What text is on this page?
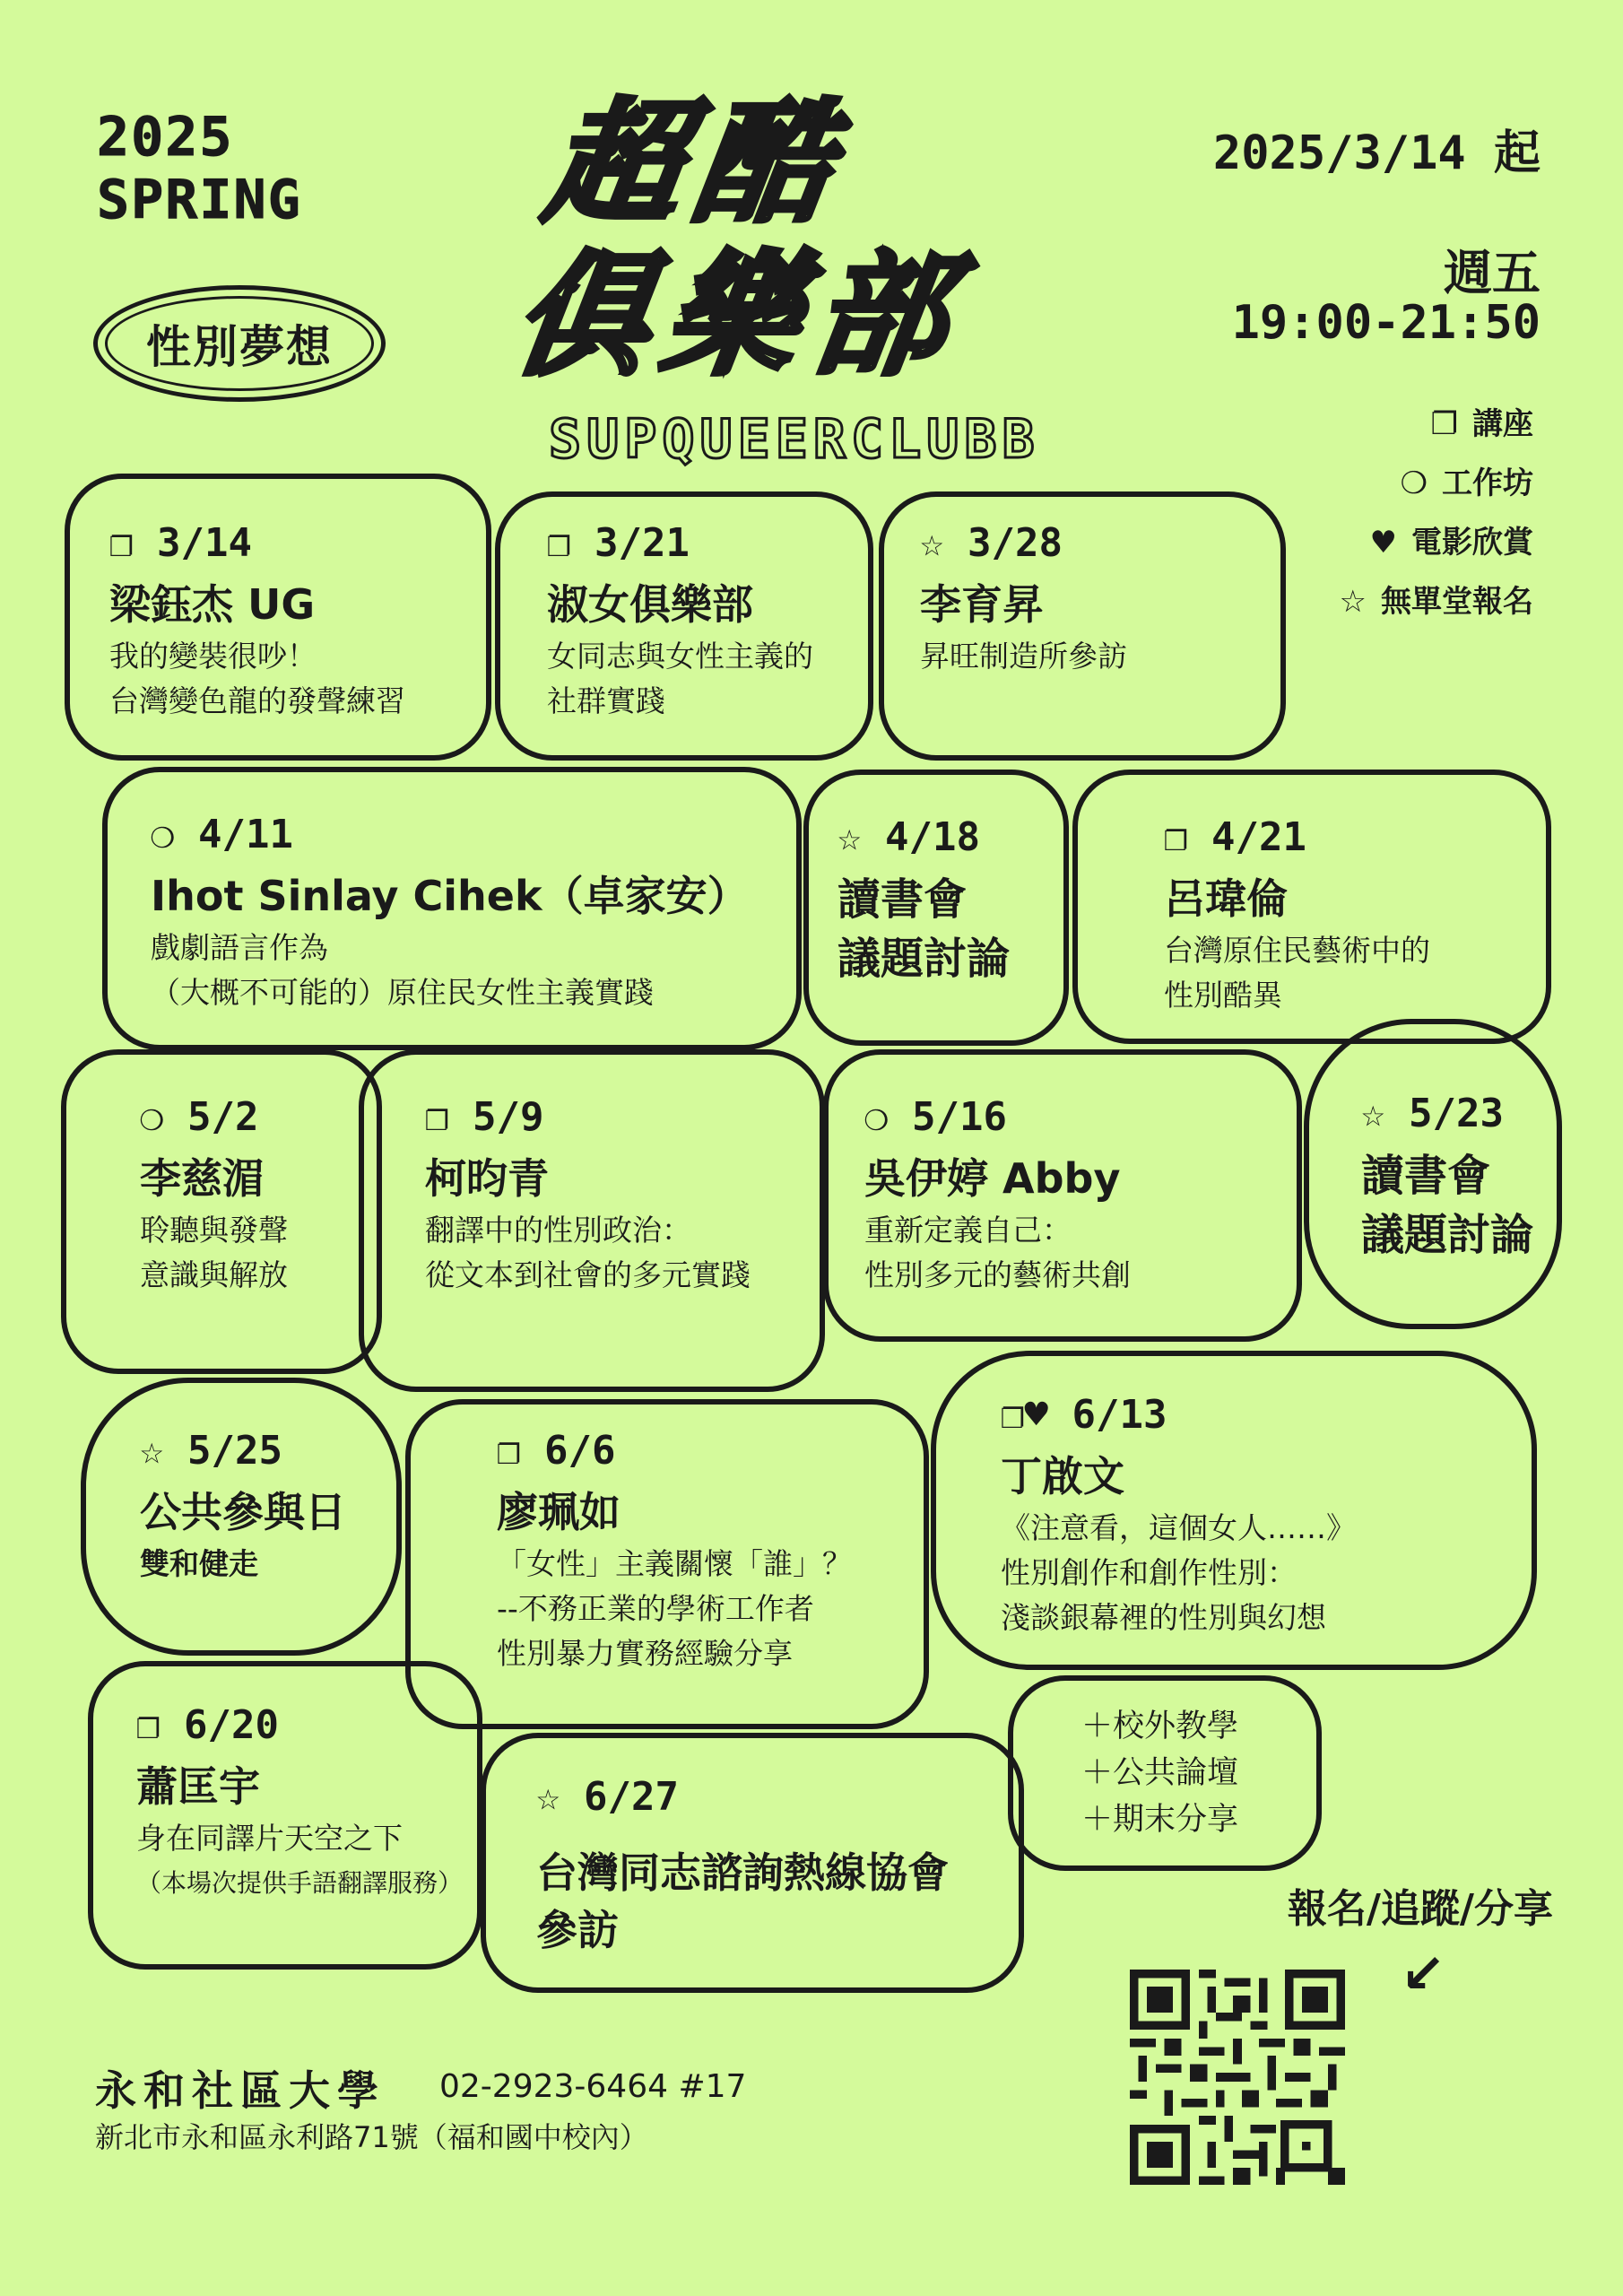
2025
SPRING
性別夢想
超酷
俱樂部
SUPQUEERCLUBB
2025/3/14 起
週五
19:00-21:50
❐ 講座
❍ 工作坊
♥ 電影欣賞
☆ 無單堂報名
❐ 3/14
梁鈺杰 UG
我的變裝很吵！
台灣變色龍的發聲練習
❐ 3/21
淑女俱樂部
女同志與女性主義的
社群實踐
☆ 3/28
李育昇
昇旺制造所參訪
❍ 4/11
Ihot Sinlay Cihek（卓家安）
戲劇語言作為
（大概不可能的）原住民女性主義實踐
☆ 4/18
讀書會
議題討論
❐ 4/21
呂瑋倫
台灣原住民藝術中的
性別酷異
❍ 5/2
李慈湄
聆聽與發聲
意識與解放
❐ 5/9
柯昀青
翻譯中的性別政治：
從文本到社會的多元實踐
❍ 5/16
吳伊婷 Abby
重新定義自己：
性別多元的藝術共創
☆ 5/23
讀書會
議題討論
☆ 5/25
公共參與日
雙和健走
❐ 6/6
廖珮如
「女性」主義關懷「誰」？
--不務正業的學術工作者
性別暴力實務經驗分享
❐♥ 6/13
丁啟文
《注意看，這個女人……》
性別創作和創作性別：
淺談銀幕裡的性別與幻想
❐ 6/20
蕭匡宇
身在同譯片天空之下
（本場次提供手語翻譯服務）
☆ 6/27
台灣同志諮詢熱線協會
參訪
＋校外教學
＋公共論壇
＋期末分享
報名/追蹤/分享
↙
永和社區大學 02-2923-6464 #17
新北市永和區永利路71號（福和國中校內）
